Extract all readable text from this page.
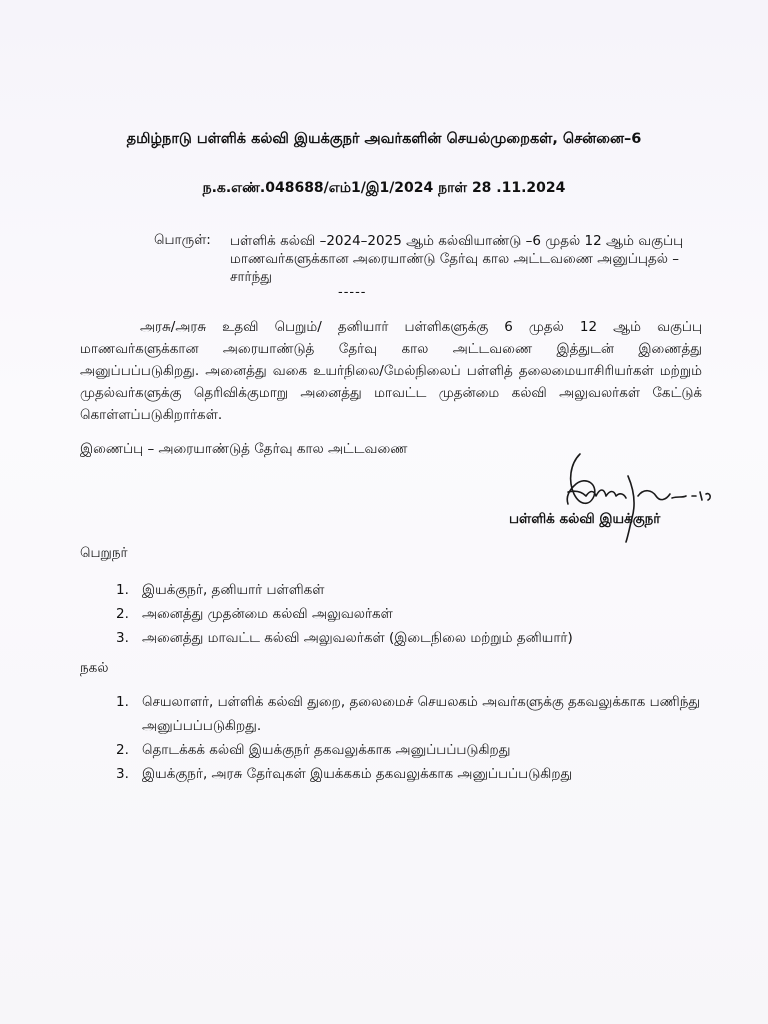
தமிழ்நாடு பள்ளிக் கல்வி இயக்குநர் அவர்களின் செயல்முறைகள், சென்னை–6
ந.க.எண்.048688/எம்1/இ1/2024 நாள் 28 .11.2024
பொருள்: பள்ளிக் கல்வி –2024–2025 ஆம் கல்வியாண்டு –6 முதல் 12 ஆம் வகுப்பு மாணவர்களுக்கான அரையாண்டு தேர்வு கால அட்டவணை அனுப்புதல் – சார்ந்து
-----
அரசு/அரசு உதவி பெறும்/ தனியார் பள்ளிகளுக்கு 6 முதல் 12 ஆம் வகுப்பு மாணவர்களுக்கான அரையாண்டுத் தேர்வு கால அட்டவணை இத்துடன் இணைத்து அனுப்பப்படுகிறது. அனைத்து வகை உயர்நிலை/மேல்நிலைப் பள்ளித் தலைமையாசிரியர்கள் மற்றும் முதல்வர்களுக்கு தெரிவிக்குமாறு அனைத்து மாவட்ட முதன்மை கல்வி அலுவலர்கள் கேட்டுக் கொள்ளப்படுகிறார்கள்.
இணைப்பு – அரையாண்டுத் தேர்வு கால அட்டவணை
பள்ளிக் கல்வி இயக்குநர்
பெறுநர்
1. இயக்குநர், தனியார் பள்ளிகள்
2. அனைத்து முதன்மை கல்வி அலுவலர்கள்
3. அனைத்து மாவட்ட கல்வி அலுவலர்கள் (இடைநிலை மற்றும் தனியார்)
நகல்
1. செயலாளர், பள்ளிக் கல்வி துறை, தலைமைச் செயலகம் அவர்களுக்கு தகவலுக்காக பணிந்து அனுப்பப்படுகிறது.
2. தொடக்கக் கல்வி இயக்குநர் தகவலுக்காக அனுப்பப்படுகிறது
3. இயக்குநர், அரசு தேர்வுகள் இயக்ககம் தகவலுக்காக அனுப்பப்படுகிறது
